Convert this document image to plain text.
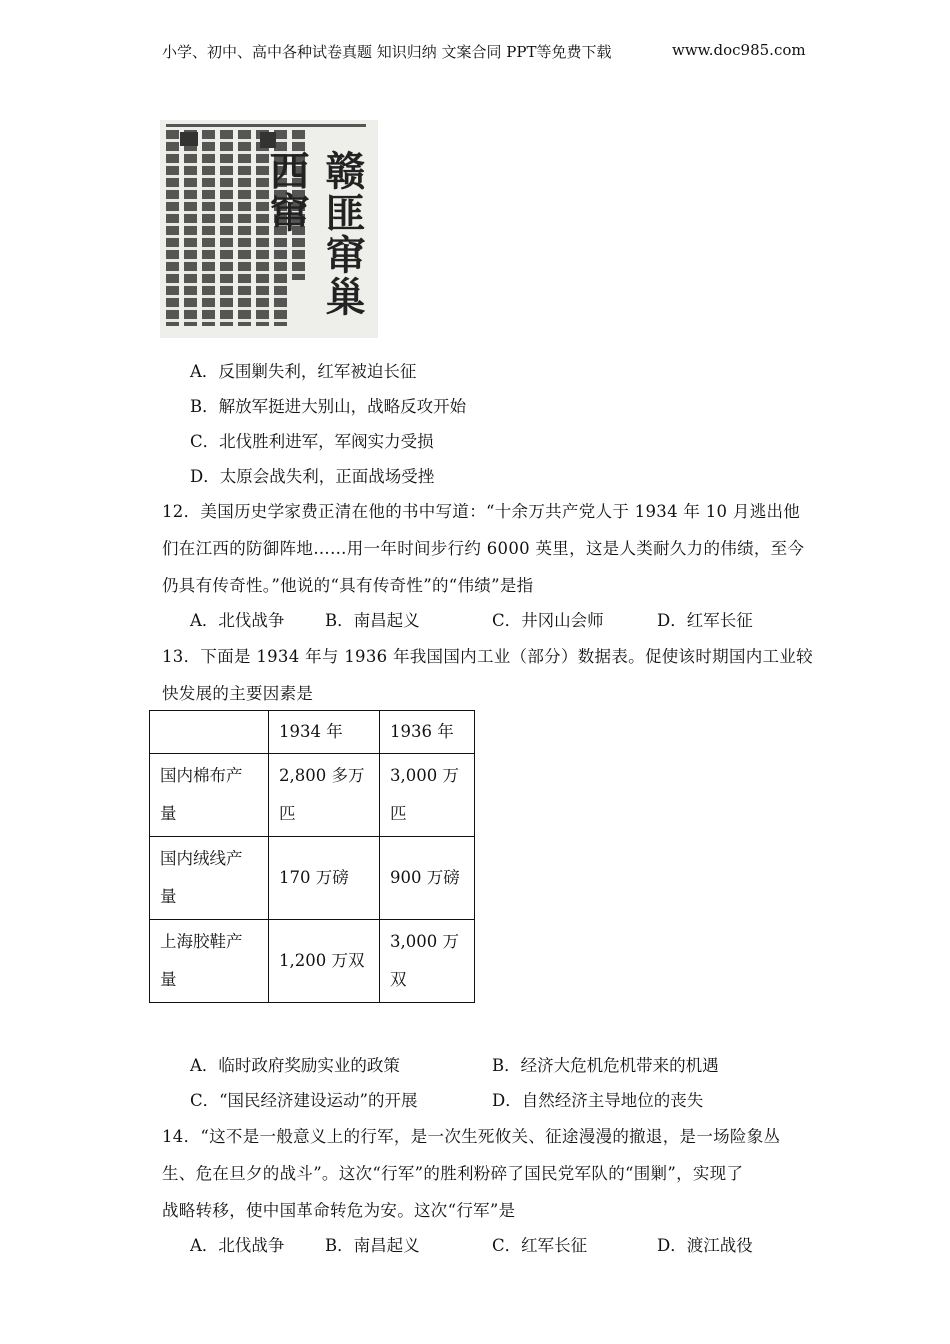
小学、初中、高中各种试卷真题 知识归纳 文案合同 PPT等免费下载	www.doc985.com
赣匪窜巢西窜
A．反围剿失利，红军被迫长征
B．解放军挺进大别山，战略反攻开始
C．北伐胜利进军，军阀实力受损
D．太原会战失利，正面战场受挫
12．美国历史学家费正清在他的书中写道：“十余万共产党人于 1934 年 10 月逃出他
们在江西的防御阵地……用一年时间步行约 6000 英里，这是人类耐久力的伟绩，至今
仍具有传奇性。”他说的“具有传奇性”的“伟绩”是指
A．北伐战争 B．南昌起义	C．井冈山会师	D．红军长征
13．下面是 1934 年与 1936 年我国国内工业（部分）数据表。促使该时期国内工业较
快发展的主要因素是
	1934 年	1936 年

国内棉布产
量	2,800 多万匹	3,000 万匹

国内绒线产
量	170 万磅	900 万磅

上海胶鞋产
量	1,200 万双	3,000 万双
A．临时政府奖励实业的政策	B．经济大危机危机带来的机遇
C．“国民经济建设运动”的开展	D．自然经济主导地位的丧失
14．“这不是一般意义上的行军，是一次生死攸关、征途漫漫的撤退，是一场险象丛
生、危在旦夕的战斗”。这次“行军”的胜利粉碎了国民党军队的“围剿”，实现了
战略转移，使中国革命转危为安。这次“行军”是
A．北伐战争 B．南昌起义	C．红军长征	D．渡江战役
